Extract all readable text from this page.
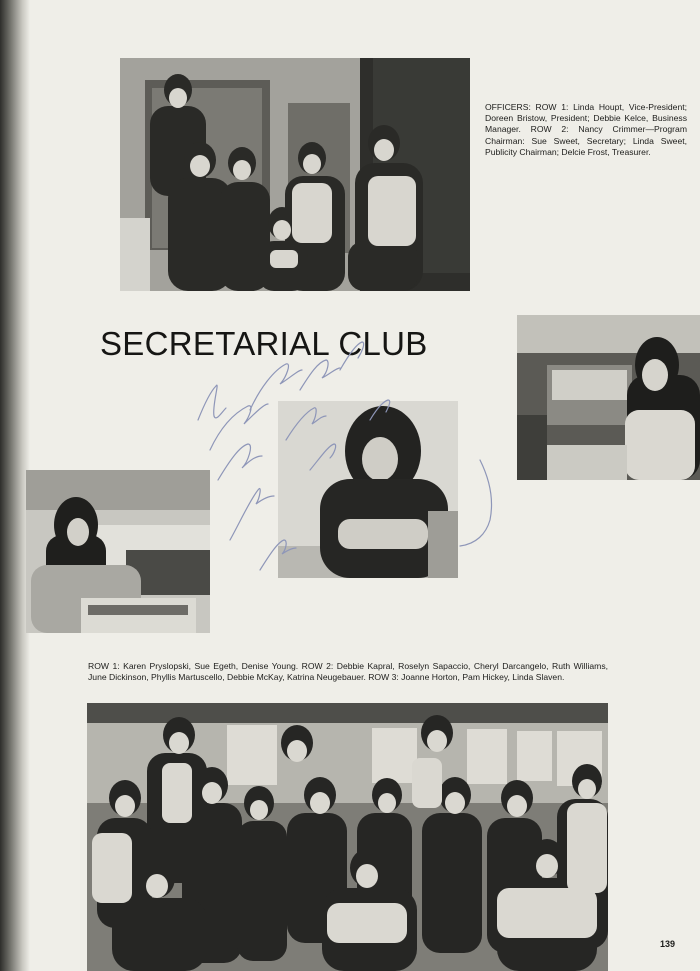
OFFICERS: ROW 1: Linda Houpt, Vice-President; Doreen Bristow, President; Debbie Kelce, Business Manager. ROW 2: Nancy Crimmer—Program Chairman: Sue Sweet, Secretary; Linda Sweet, Publicity Chairman; Delcie Frost, Treasurer.

SECRETARIAL CLUB

ROW 1: Karen Pryslopski, Sue Egeth, Denise Young. ROW 2: Debbie Kapral, Roselyn Sapaccio, Cheryl Darcangelo, Ruth Williams, June Dickinson, Phyllis Martuscello, Debbie McKay, Katrina Neugebauer. ROW 3: Joanne Horton, Pam Hickey, Linda Slaven.

139
